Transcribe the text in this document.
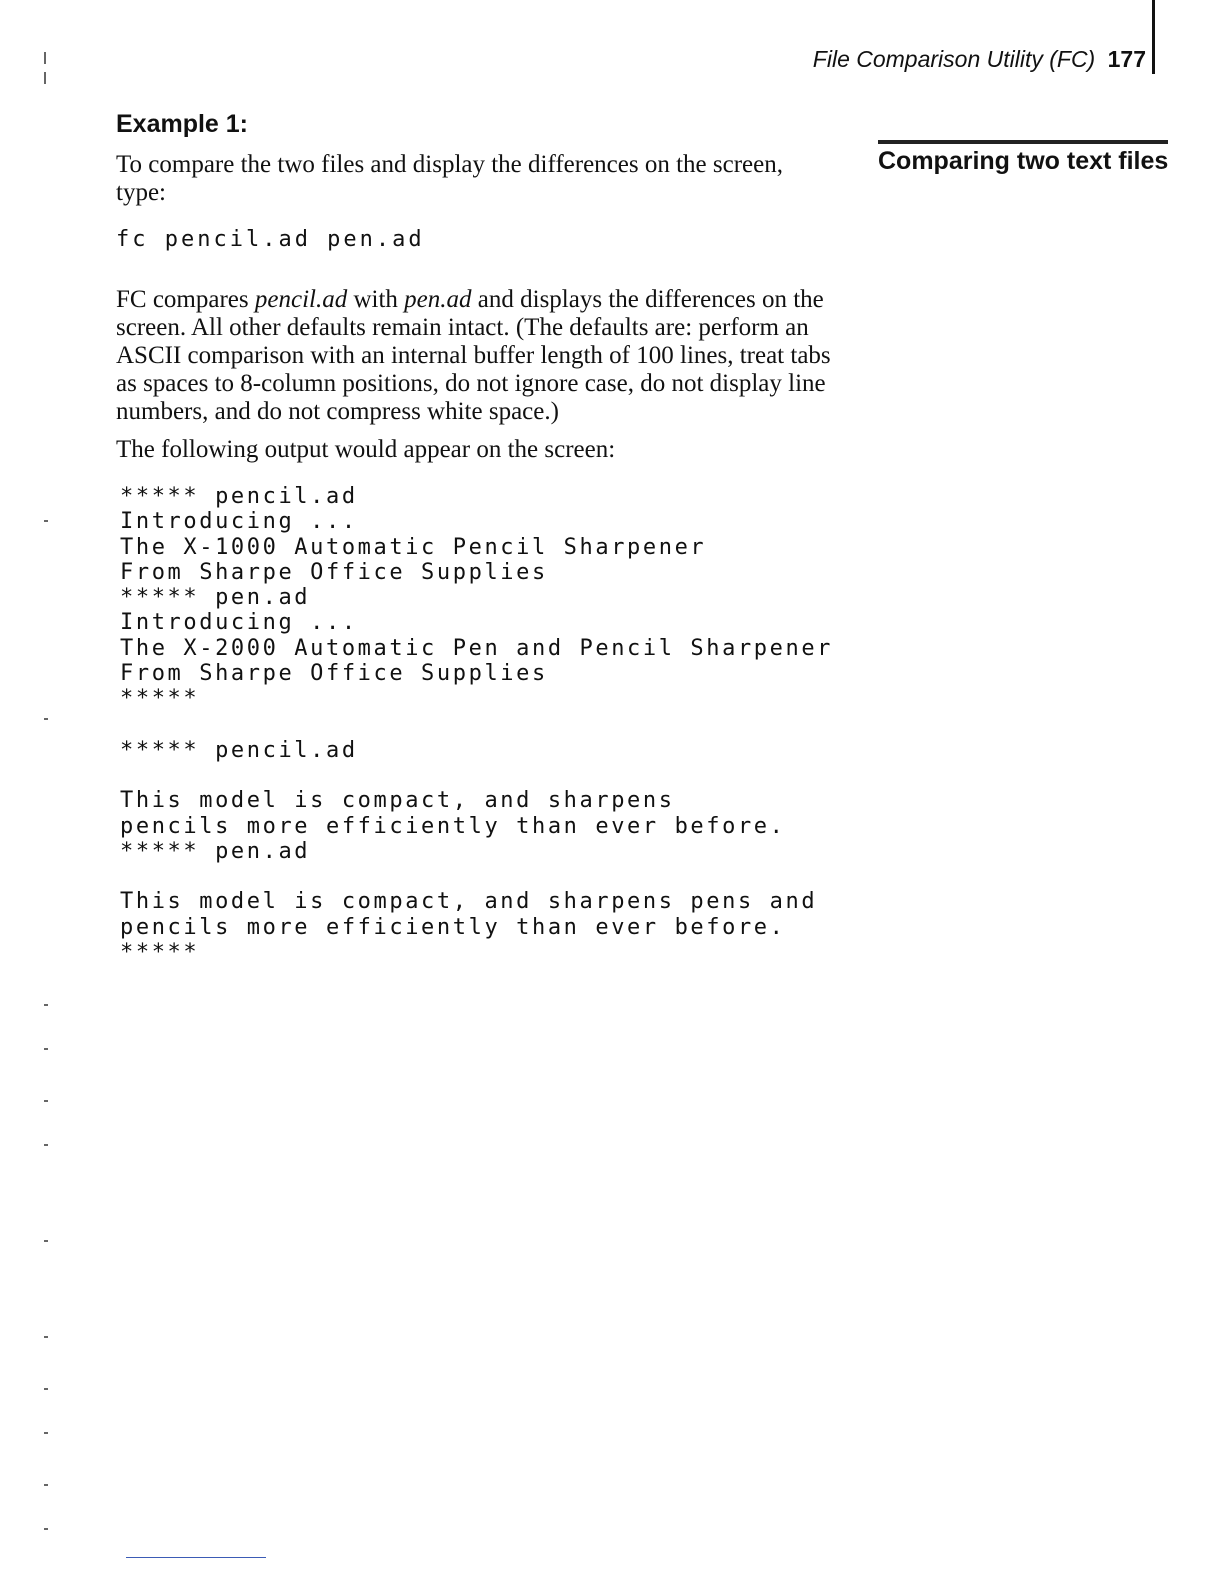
File Comparison Utility (FC) 177
Comparing two text files
Example 1:

To compare the two files and display the differences on the screen, type:

fc pencil.ad pen.ad

FC compares pencil.ad with pen.ad and displays the differences on the screen. All other defaults remain intact. (The defaults are: perform an ASCII comparison with an internal buffer length of 100 lines, treat tabs as spaces to 8-column positions, do not ignore case, do not display line numbers, and do not compress white space.)

The following output would appear on the screen:

***** pencil.ad
Introducing ...
The X-1000 Automatic Pencil Sharpener
From Sharpe Office Supplies
***** pen.ad
Introducing ...
The X-2000 Automatic Pen and Pencil Sharpener
From Sharpe Office Supplies
*****
***** pencil.ad

This model is compact, and sharpens
pencils more efficiently than ever before.
***** pen.ad

This model is compact, and sharpens pens and
pencils more efficiently than ever before.
*****
